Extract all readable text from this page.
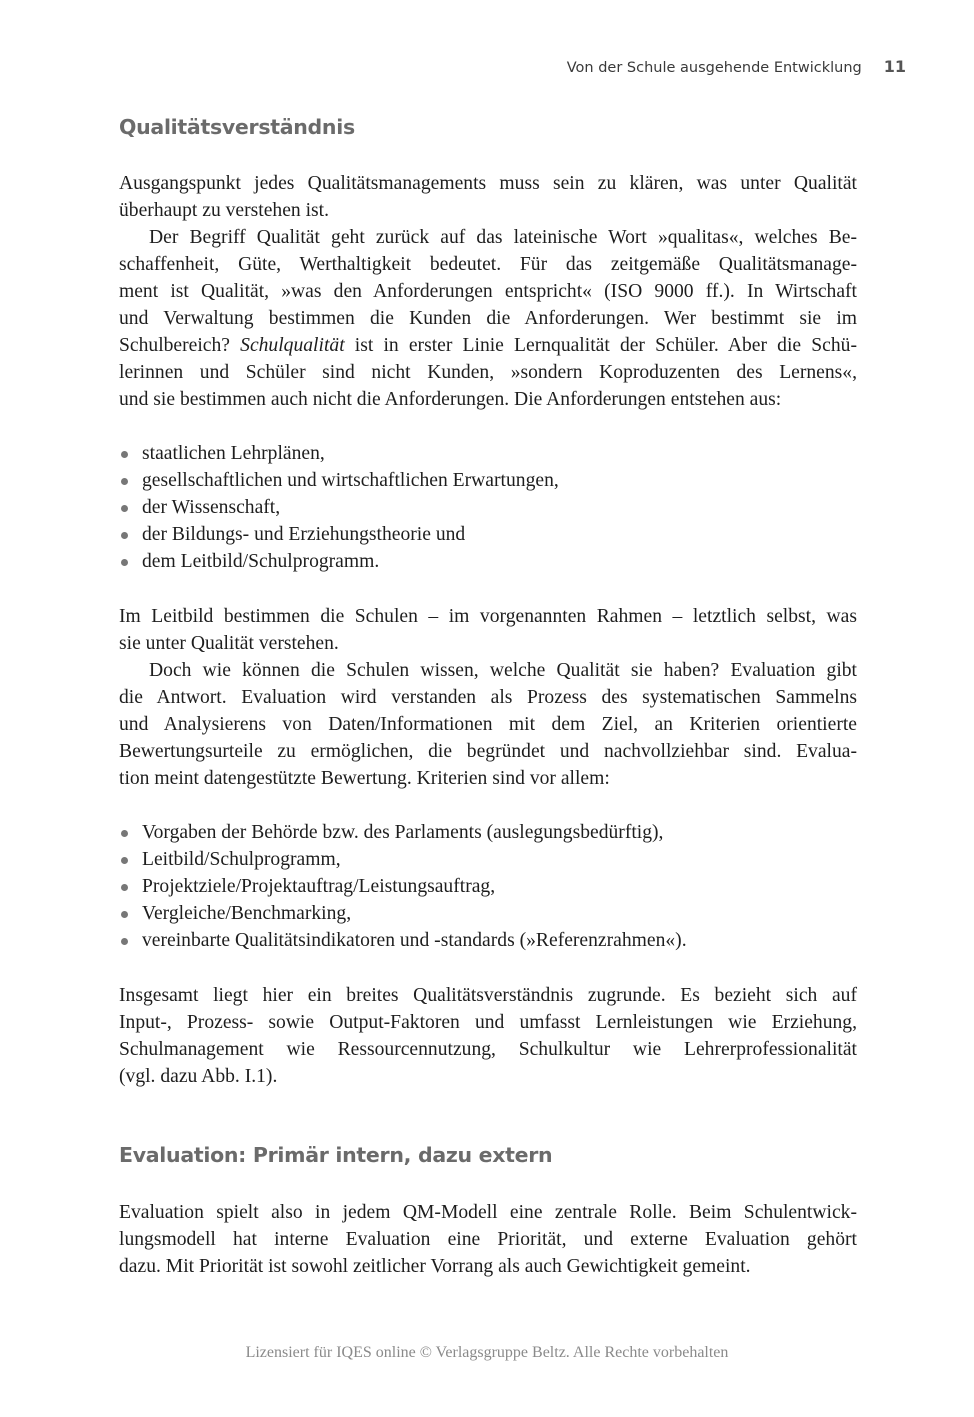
Von der Schule ausgehende Entwicklung 11
Qualitätsverständnis
Ausgangspunkt jedes Qualitätsmanagements muss sein zu klären, was unter Qualität
überhaupt zu verstehen ist.
Der Begriff Qualität geht zurück auf das lateinische Wort »qualitas«, welches Be-
schaffenheit, Güte, Werthaltigkeit bedeutet. Für das zeitgemäße Qualitätsmanage-
ment ist Qualität, »was den Anforderungen entspricht« (ISO 9000 ff.). In Wirtschaft
und Verwaltung bestimmen die Kunden die Anforderungen. Wer bestimmt sie im
Schulbereich? Schulqualität ist in erster Linie Lernqualität der Schüler. Aber die Schü-
lerinnen und Schüler sind nicht Kunden, »sondern Koproduzenten des Lernens«,
und sie bestimmen auch nicht die Anforderungen. Die Anforderungen entstehen aus:
staatlichen Lehrplänen,
gesellschaftlichen und wirtschaftlichen Erwartungen,
der Wissenschaft,
der Bildungs- und Erziehungstheorie und
dem Leitbild/Schulprogramm.
Im Leitbild bestimmen die Schulen – im vorgenannten Rahmen – letztlich selbst, was
sie unter Qualität verstehen.
Doch wie können die Schulen wissen, welche Qualität sie haben? Evaluation gibt
die Antwort. Evaluation wird verstanden als Prozess des systematischen Sammelns
und Analysierens von Daten/Informationen mit dem Ziel, an Kriterien orientierte
Bewertungsurteile zu ermöglichen, die begründet und nachvollziehbar sind. Evalua-
tion meint datengestützte Bewertung. Kriterien sind vor allem:
Vorgaben der Behörde bzw. des Parlaments (auslegungsbedürftig),
Leitbild/Schulprogramm,
Projektziele/Projektauftrag/Leistungsauftrag,
Vergleiche/Benchmarking,
vereinbarte Qualitätsindikatoren und -standards (»Referenzrahmen«).
Insgesamt liegt hier ein breites Qualitätsverständnis zugrunde. Es bezieht sich auf
Input-, Prozess- sowie Output-Faktoren und umfasst Lernleistungen wie Erziehung,
Schulmanagement wie Ressourcennutzung, Schulkultur wie Lehrerprofessionalität
(vgl. dazu Abb. I.1).
Evaluation: Primär intern, dazu extern
Evaluation spielt also in jedem QM-Modell eine zentrale Rolle. Beim Schulentwick-
lungsmodell hat interne Evaluation eine Priorität, und externe Evaluation gehört
dazu. Mit Priorität ist sowohl zeitlicher Vorrang als auch Gewichtigkeit gemeint.
Lizensiert für IQES online © Verlagsgruppe Beltz. Alle Rechte vorbehalten
